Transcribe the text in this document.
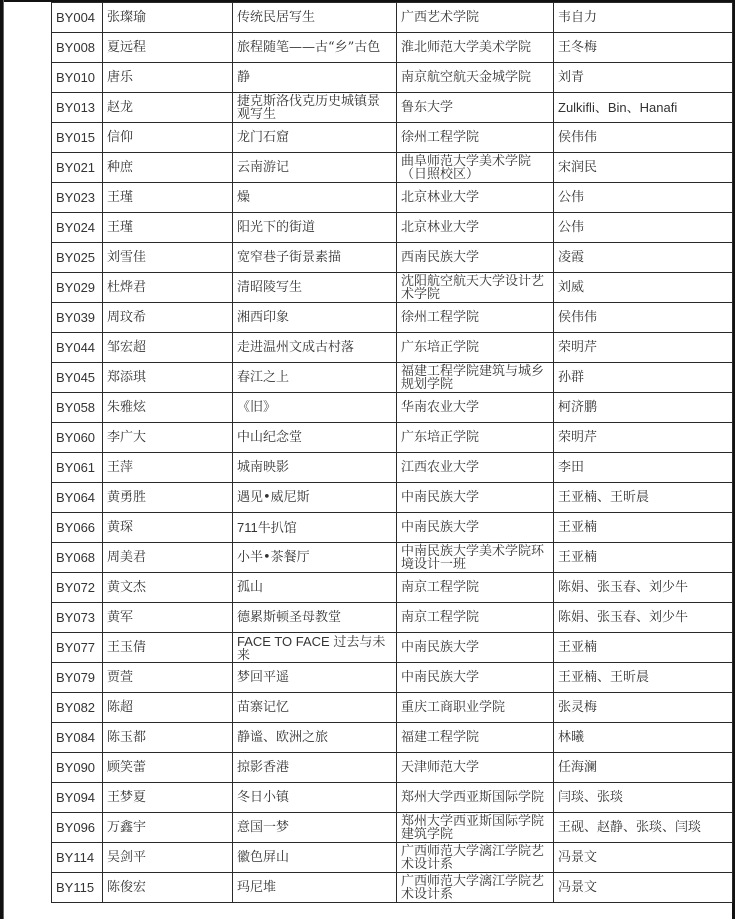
BY004	张璨瑜	传统民居写生	广西艺术学院	韦自力
BY008	夏远程	旅程随笔——古“乡”古色	淮北师范大学美术学院	王冬梅
BY010	唐乐	静	南京航空航天金城学院	刘青
BY013	赵龙	捷克斯洛伐克历史城镇景观写生	鲁东大学	Zulkifli、Bin、Hanafi
BY015	信仰	龙门石窟	徐州工程学院	侯伟伟
BY021	种庶	云南游记	曲阜师范大学美术学院（日照校区）	宋润民
BY023	王瑾	燥	北京林业大学	公伟
BY024	王瑾	阳光下的街道	北京林业大学	公伟
BY025	刘雪佳	宽窄巷子街景素描	西南民族大学	凌霞
BY029	杜烨君	清昭陵写生	沈阳航空航天大学设计艺术学院	刘威
BY039	周玟希	湘西印象	徐州工程学院	侯伟伟
BY044	邹宏超	走进温州文成古村落	广东培正学院	荣明芹
BY045	郑添琪	春江之上	福建工程学院建筑与城乡规划学院	孙群
BY058	朱雅炫	《旧》	华南农业大学	柯济鹏
BY060	李广大	中山纪念堂	广东培正学院	荣明芹
BY061	王萍	城南映影	江西农业大学	李田
BY064	黄勇胜	遇见•威尼斯	中南民族大学	王亚楠、王昕晨
BY066	黄琛	711牛扒馆	中南民族大学	王亚楠
BY068	周美君	小半•茶餐厅	中南民族大学美术学院环境设计一班	王亚楠
BY072	黄文杰	孤山	南京工程学院	陈娟、张玉春、刘少牛
BY073	黄军	德累斯顿圣母教堂	南京工程学院	陈娟、张玉春、刘少牛
BY077	王玉倩	FACE TO FACE 过去与未来	中南民族大学	王亚楠
BY079	贾萱	梦回平遥	中南民族大学	王亚楠、王昕晨
BY082	陈超	苗寨记忆	重庆工商职业学院	张灵梅
BY084	陈玉都	静谧、欧洲之旅	福建工程学院	林曦
BY090	顾笑蕾	掠影香港	天津师范大学	任海澜
BY094	王梦夏	冬日小镇	郑州大学西亚斯国际学院	闫琰、张琰
BY096	万鑫宇	意国一梦	郑州大学西亚斯国际学院建筑学院	王砚、赵静、张琰、闫琰
BY114	吴剑平	徽色屏山	广西师范大学漓江学院艺术设计系	冯景文
BY115	陈俊宏	玛尼堆	广西师范大学漓江学院艺术设计系	冯景文
